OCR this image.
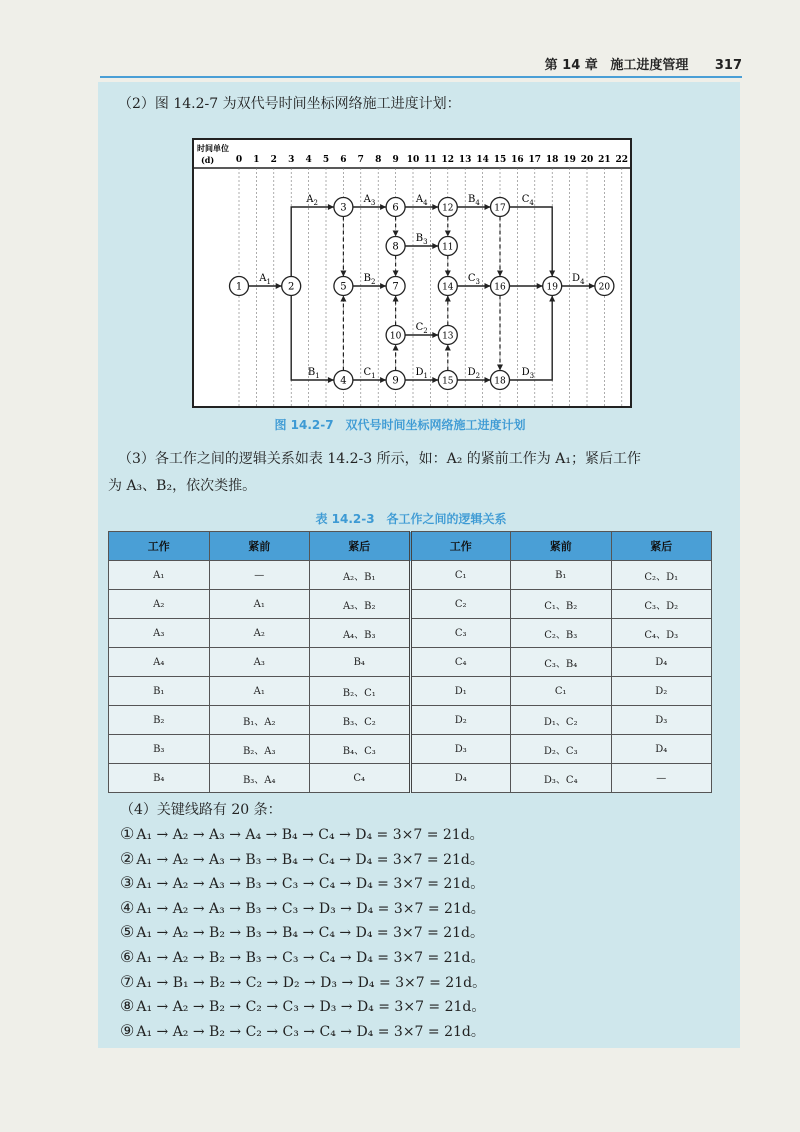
第 14 章 施工进度管理 317
（2）图 14.2-7 为双代号时间坐标网络施工进度计划：
时间单位
(d) 0 1 2 3 4 5 6 7 8 9 10 11 12 13 14 15 16 17 18 19 20 21 22
$A_1$
$A_2$	$A_3$	$A_4$
$B_1$
$B_2$
$B_3$
$B_4$
$C_1$
$C_2$
$C_3$
$C_4$
$D_1$	$D_2$	$D_3$
$D_4$
1	2
3
4
5
6
7
8
9
10
11
12
13
14
15
16
17
18
19	20
图 14.2-7　双代号时间坐标网络施工进度计划
（3）各工作之间的逻辑关系如表 14.2-3 所示，如：A₂ 的紧前工作为 A₁；紧后工作
为 A₃、B₂，依次类推。
表 14.2-3　各工作之间的逻辑关系
工作	紧前	紧后	工作	紧前	紧后
A₁	—	A₂、B₁	C₁	B₁	C₂、D₁
A₂	A₁	A₃、B₂	C₂	C₁、B₂	C₃、D₂
A₃	A₂	A₄、B₃	C₃	C₂、B₃	C₄、D₃
A₄	A₃	B₄	C₄	C₃、B₄	D₄
B₁	A₁	B₂、C₁	D₁	C₁	D₂
B₂	B₁、A₂	B₃、C₂	D₂	D₁、C₂	D₃
B₃	B₂、A₃	B₄、C₃	D₃	D₂、C₃	D₄
B₄	B₃、A₄	C₄	D₄	D₃、C₄	—
（4）关键线路有 20 条：
① A₁ → A₂ → A₃ → A₄ → B₄ → C₄ → D₄ = 3×7 = 21d。
② A₁ → A₂ → A₃ → B₃ → B₄ → C₄ → D₄ = 3×7 = 21d。
③ A₁ → A₂ → A₃ → B₃ → C₃ → C₄ → D₄ = 3×7 = 21d。
④ A₁ → A₂ → A₃ → B₃ → C₃ → D₃ → D₄ = 3×7 = 21d。
⑤ A₁ → A₂ → B₂ → B₃ → B₄ → C₄ → D₄ = 3×7 = 21d。
⑥ A₁ → A₂ → B₂ → B₃ → C₃ → C₄ → D₄ = 3×7 = 21d。
⑦ A₁ → B₁ → B₂ → C₂ → D₂ → D₃ → D₄ = 3×7 = 21d。
⑧ A₁ → A₂ → B₂ → C₂ → C₃ → D₃ → D₄ = 3×7 = 21d。
⑨ A₁ → A₂ → B₂ → C₂ → C₃ → C₄ → D₄ = 3×7 = 21d。
